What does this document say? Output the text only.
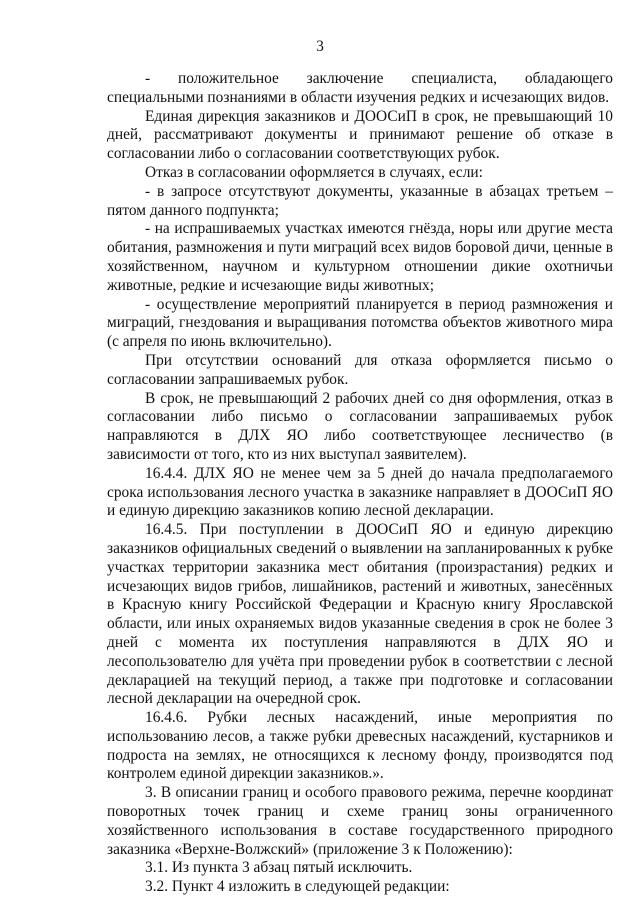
3

- положительное заключение специалиста, обладающего специальными познаниями в области изучения редких и исчезающих видов.

Единая дирекция заказников и ДООСиП в срок, не превышающий 10 дней, рассматривают документы и принимают решение об отказе в согласовании либо о согласовании соответствующих рубок.

Отказ в согласовании оформляется в случаях, если:

- в запросе отсутствуют документы, указанные в абзацах третьем – пятом данного подпункта;

- на испрашиваемых участках имеются гнёзда, норы или другие места обитания, размножения и пути миграций всех видов боровой дичи, ценные в хозяйственном, научном и культурном отношении дикие охотничьи животные, редкие и исчезающие виды животных;

- осуществление мероприятий планируется в период размножения и миграций, гнездования и выращивания потомства объектов животного мира (с апреля по июнь включительно).

При отсутствии оснований для отказа оформляется письмо о согласовании запрашиваемых рубок.

В срок, не превышающий 2 рабочих дней со дня оформления, отказ в согласовании либо письмо о согласовании запрашиваемых рубок направляются в ДЛХ ЯО либо соответствующее лесничество (в зависимости от того, кто из них выступал заявителем).

16.4.4. ДЛХ ЯО не менее чем за 5 дней до начала предполагаемого срока использования лесного участка в заказнике направляет в ДООСиП ЯО и единую дирекцию заказников копию лесной декларации.

16.4.5. При поступлении в ДООСиП ЯО и единую дирекцию заказников официальных сведений о выявлении на запланированных к рубке участках территории заказника мест обитания (произрастания) редких и исчезающих видов грибов, лишайников, растений и животных, занесённых в Красную книгу Российской Федерации и Красную книгу Ярославской области, или иных охраняемых видов указанные сведения в срок не более 3 дней с момента их поступления направляются в ДЛХ ЯО и лесопользователю для учёта при проведении рубок в соответствии с лесной декларацией на текущий период, а также при подготовке и согласовании лесной декларации на очередной срок.

16.4.6. Рубки лесных насаждений, иные мероприятия по использованию лесов, а также рубки древесных насаждений, кустарников и подроста на землях, не относящихся к лесному фонду, производятся под контролем единой дирекции заказников.».

3. В описании границ и особого правового режима, перечне координат поворотных точек границ и схеме границ зоны ограниченного хозяйственного использования в составе государственного природного заказника «Верхне-Волжский» (приложение 3 к Положению):

3.1. Из пункта 3 абзац пятый исключить.

3.2. Пункт 4 изложить в следующей редакции:
